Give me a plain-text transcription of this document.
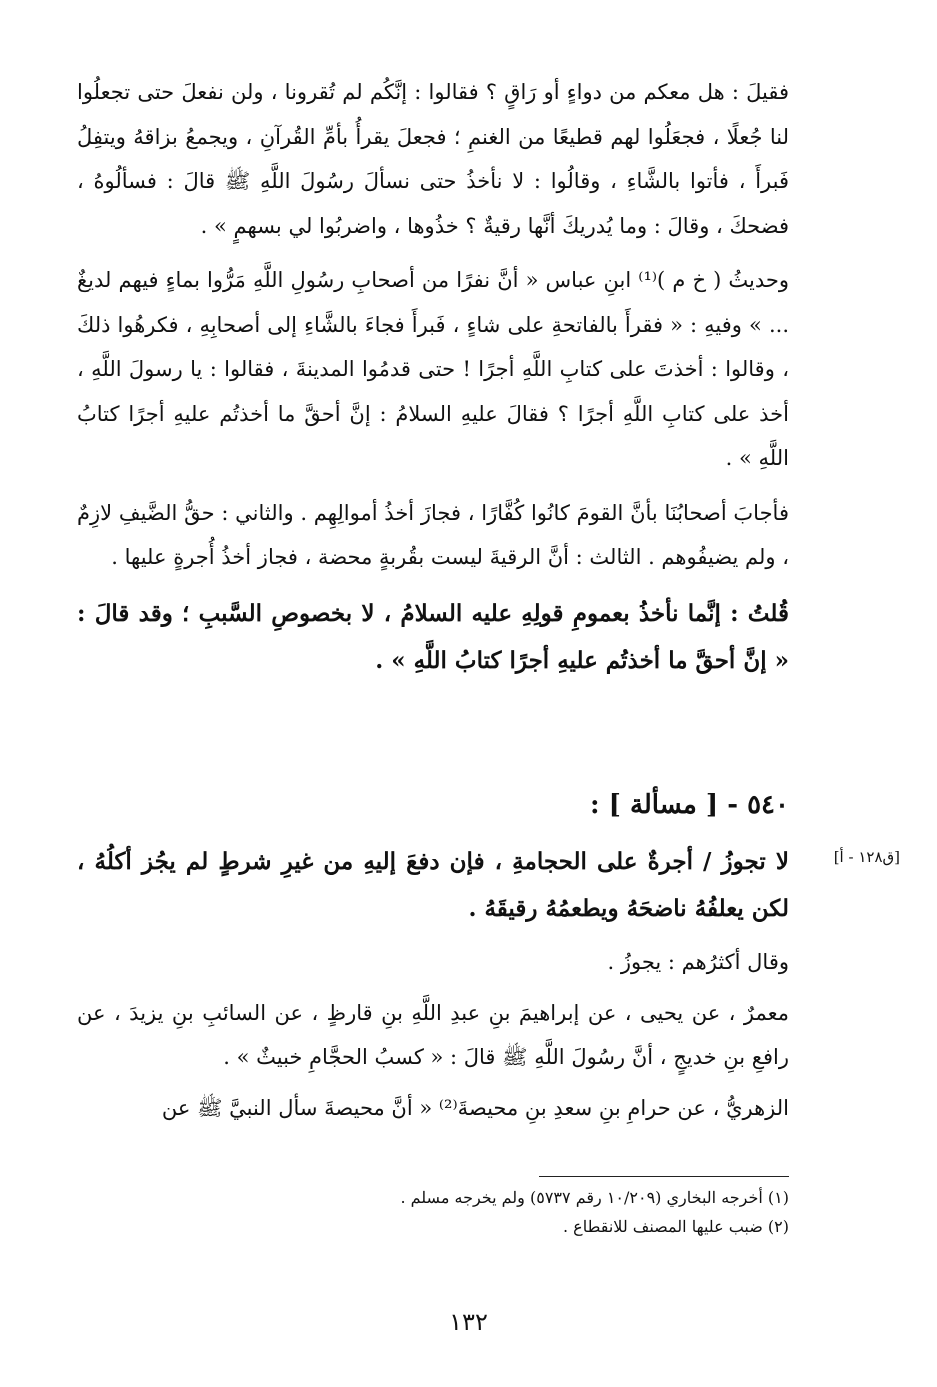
فقيلَ : هل معكم من دواءٍ أو رَاقٍ ؟ فقالوا : إنَّكُم لم تُقرونا ، ولن نفعلَ حتى تجعلُوا لنا جُعلًا ، فجعَلُوا لهم قطيعًا من الغنمِ ؛ فجعلَ يقرأُ بأمِّ القُرآنِ ، ويجمعُ بزاقهُ ويتفِلُ فَبرأَ ، فأتوا بالشَّاءِ ، وقالُوا : لا نأخذُ حتى نسألَ رسُولَ اللَّهِ ﷺ قالَ : فسألُوهُ ، فضحكَ ، وقالَ : وما يُدريكَ أنَّها رقيةٌ ؟ خذُوها ، واضربُوا لي بسهمٍ » .

وحديثُ ( خ م )⁽¹⁾ ابنِ عباس « أنَّ نفرًا من أصحابِ رسُولِ اللَّهِ مَرُّوا بماءٍ فيهم لديغٌ ... » وفيهِ : « فقرأَ بالفاتحةِ على شاءٍ ، فَبرأَ فجاءَ بالشَّاءِ إلى أصحابِهِ ، فكرهُوا ذلكَ ، وقالوا : أخذتَ على كتابِ اللَّهِ أجرًا ! حتى قدمُوا المدينةَ ، فقالوا : يا رسولَ اللَّهِ ، أخذ على كتابِ اللَّهِ أجرًا ؟ فقالَ عليهِ السلامُ : إنَّ أحقَّ ما أخذتُم عليهِ أجرًا كتابُ اللَّهِ » .

فأجابَ أصحابُنَا بأنَّ القومَ كانُوا كُفَّارًا ، فجازَ أخذُ أموالِهِم . والثاني : حقُّ الضَّيفِ لازِمٌ ، ولم يضيفُوهم . الثالث : أنَّ الرقيةَ ليست بقُربةٍ محضة ، فجاز أخذُ أُجرةٍ عليها .

قُلتُ : إنَّما نأخذُ بعمومِ قولِهِ عليه السلامُ ، لا بخصوصِ السَّببِ ؛ وقد قالَ : « إنَّ أحقَّ ما أخذتُم عليهِ أجرًا كتابُ اللَّهِ » .

٥٤٠ - [ مسألة ] :
[ق١٢٨ - أ]

لا تجوزُ / أجرةٌ على الحجامةِ ، فإن دفعَ إليهِ من غيرِ شرطٍ لم يجُز أكلُهُ ، لكن يعلفُهُ ناضحَهُ ويطعمُهُ رقيقَهُ .

وقال أكثرُهم : يجوزُ .

معمرٌ ، عن يحيى ، عن إبراهيمَ بنِ عبدِ اللَّهِ بنِ قارظٍ ، عن السائبِ بنِ يزيدَ ، عن رافعِ بنِ خديجٍ ، أنَّ رسُولَ اللَّهِ ﷺ قالَ : « كسبُ الحجَّامِ خبيثٌ » .

الزهريُّ ، عن حرامِ بنِ سعدِ بنِ محيصةَ⁽²⁾ « أنَّ محيصةَ سأل النبيَّ ﷺ عن

(١) أخرجه البخاري (١٠/٢٠٩ رقم ٥٧٣٧) ولم يخرجه مسلم .
(٢) ضبب عليها المصنف للانقطاع .
١٣٢
